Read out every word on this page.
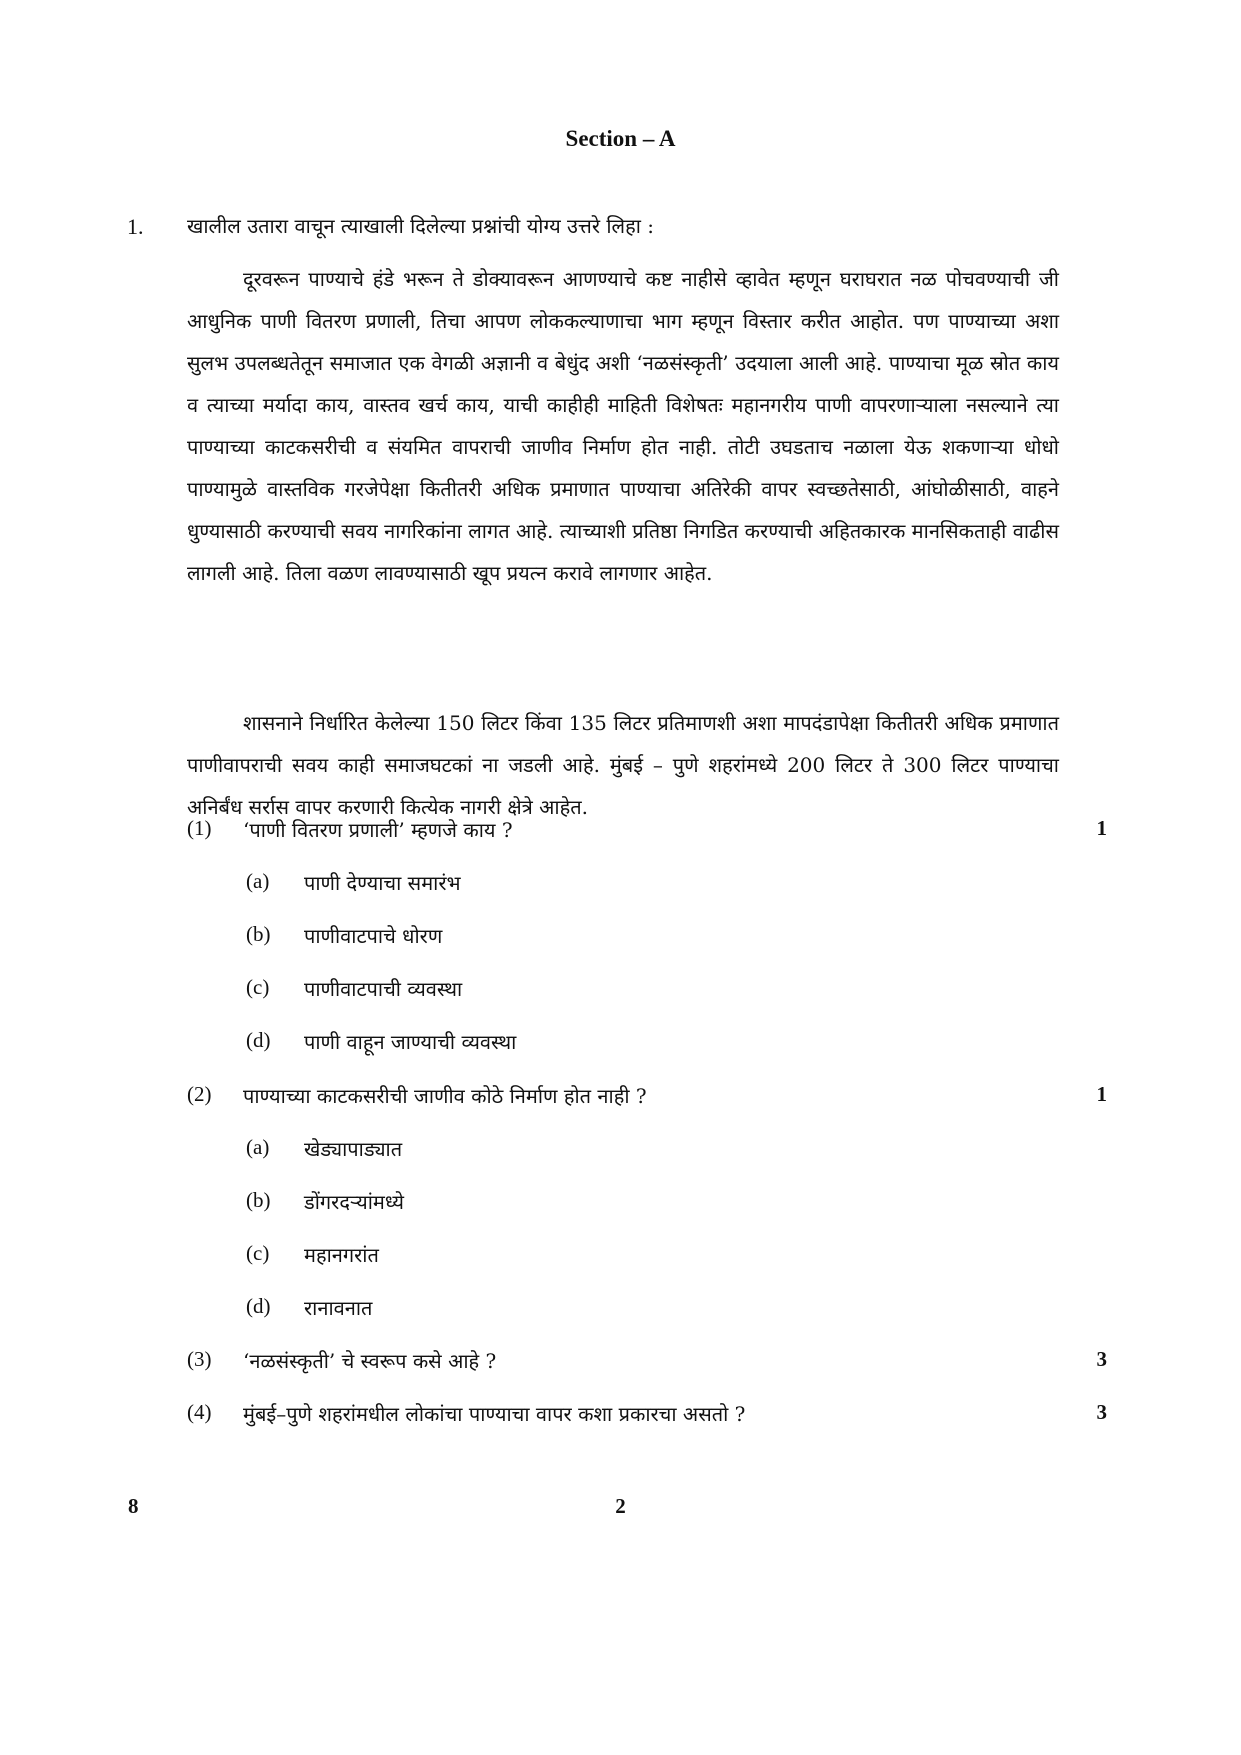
Section – A
1. खालील उतारा वाचून त्याखाली दिलेल्या प्रश्नांची योग्य उत्तरे लिहा :

दूरवरून पाण्याचे हंडे भरून ते डोक्यावरून आणण्याचे कष्ट नाहीसे व्हावेत म्हणून घराघरात नळ पोचवण्याची जी आधुनिक पाणी वितरण प्रणाली, तिचा आपण लोककल्याणाचा भाग म्हणून विस्तार करीत आहोत. पण पाण्याच्या अशा सुलभ उपलब्धतेतून समाजात एक वेगळी अज्ञानी व बेधुंद अशी ‘नळसंस्कृती’ उदयाला आली आहे. पाण्याचा मूळ स्रोत काय व त्याच्या मर्यादा काय, वास्तव खर्च काय, याची काहीही माहिती विशेषतः महानगरीय पाणी वापरणाऱ्याला नसल्याने त्या पाण्याच्या काटकसरीची व संयमित वापराची जाणीव निर्माण होत नाही. तोटी उघडताच नळाला येऊ शकणाऱ्या धोधो पाण्यामुळे वास्तविक गरजेपेक्षा कितीतरी अधिक प्रमाणात पाण्याचा अतिरेकी वापर स्वच्छतेसाठी, आंघोळीसाठी, वाहने धुण्यासाठी करण्याची सवय नागरिकांना लागत आहे. त्याच्याशी प्रतिष्ठा निगडित करण्याची अहितकारक मानसिकताही वाढीस लागली आहे. तिला वळण लावण्यासाठी खूप प्रयत्न करावे लागणार आहेत.

शासनाने निर्धारित केलेल्या 150 लिटर किंवा 135 लिटर प्रतिमाणशी अशा मापदंडापेक्षा कितीतरी अधिक प्रमाणात पाणीवापराची सवय काही समाजघटकां ना जडली आहे. मुंबई – पुणे शहरांमध्ये 200 लिटर ते 300 लिटर पाण्याचा अनिर्बंध सर्रास वापर करणारी कित्येक नागरी क्षेत्रे आहेत.

(1) ‘पाणी वितरण प्रणाली’ म्हणजे काय ?	1
(a) पाणी देण्याचा समारंभ
(b) पाणीवाटपाचे धोरण
(c) पाणीवाटपाची व्यवस्था
(d) पाणी वाहून जाण्याची व्यवस्था
(2) पाण्याच्या काटकसरीची जाणीव कोठे निर्माण होत नाही ?	1
(a) खेड्यापाड्यात
(b) डोंगरदऱ्यांमध्ये
(c) महानगरांत
(d) रानावनात
(3) ‘नळसंस्कृती’ चे स्वरूप कसे आहे ?	3
(4) मुंबई–पुणे शहरांमधील लोकांचा पाण्याचा वापर कशा प्रकारचा असतो ?	3
8	2
